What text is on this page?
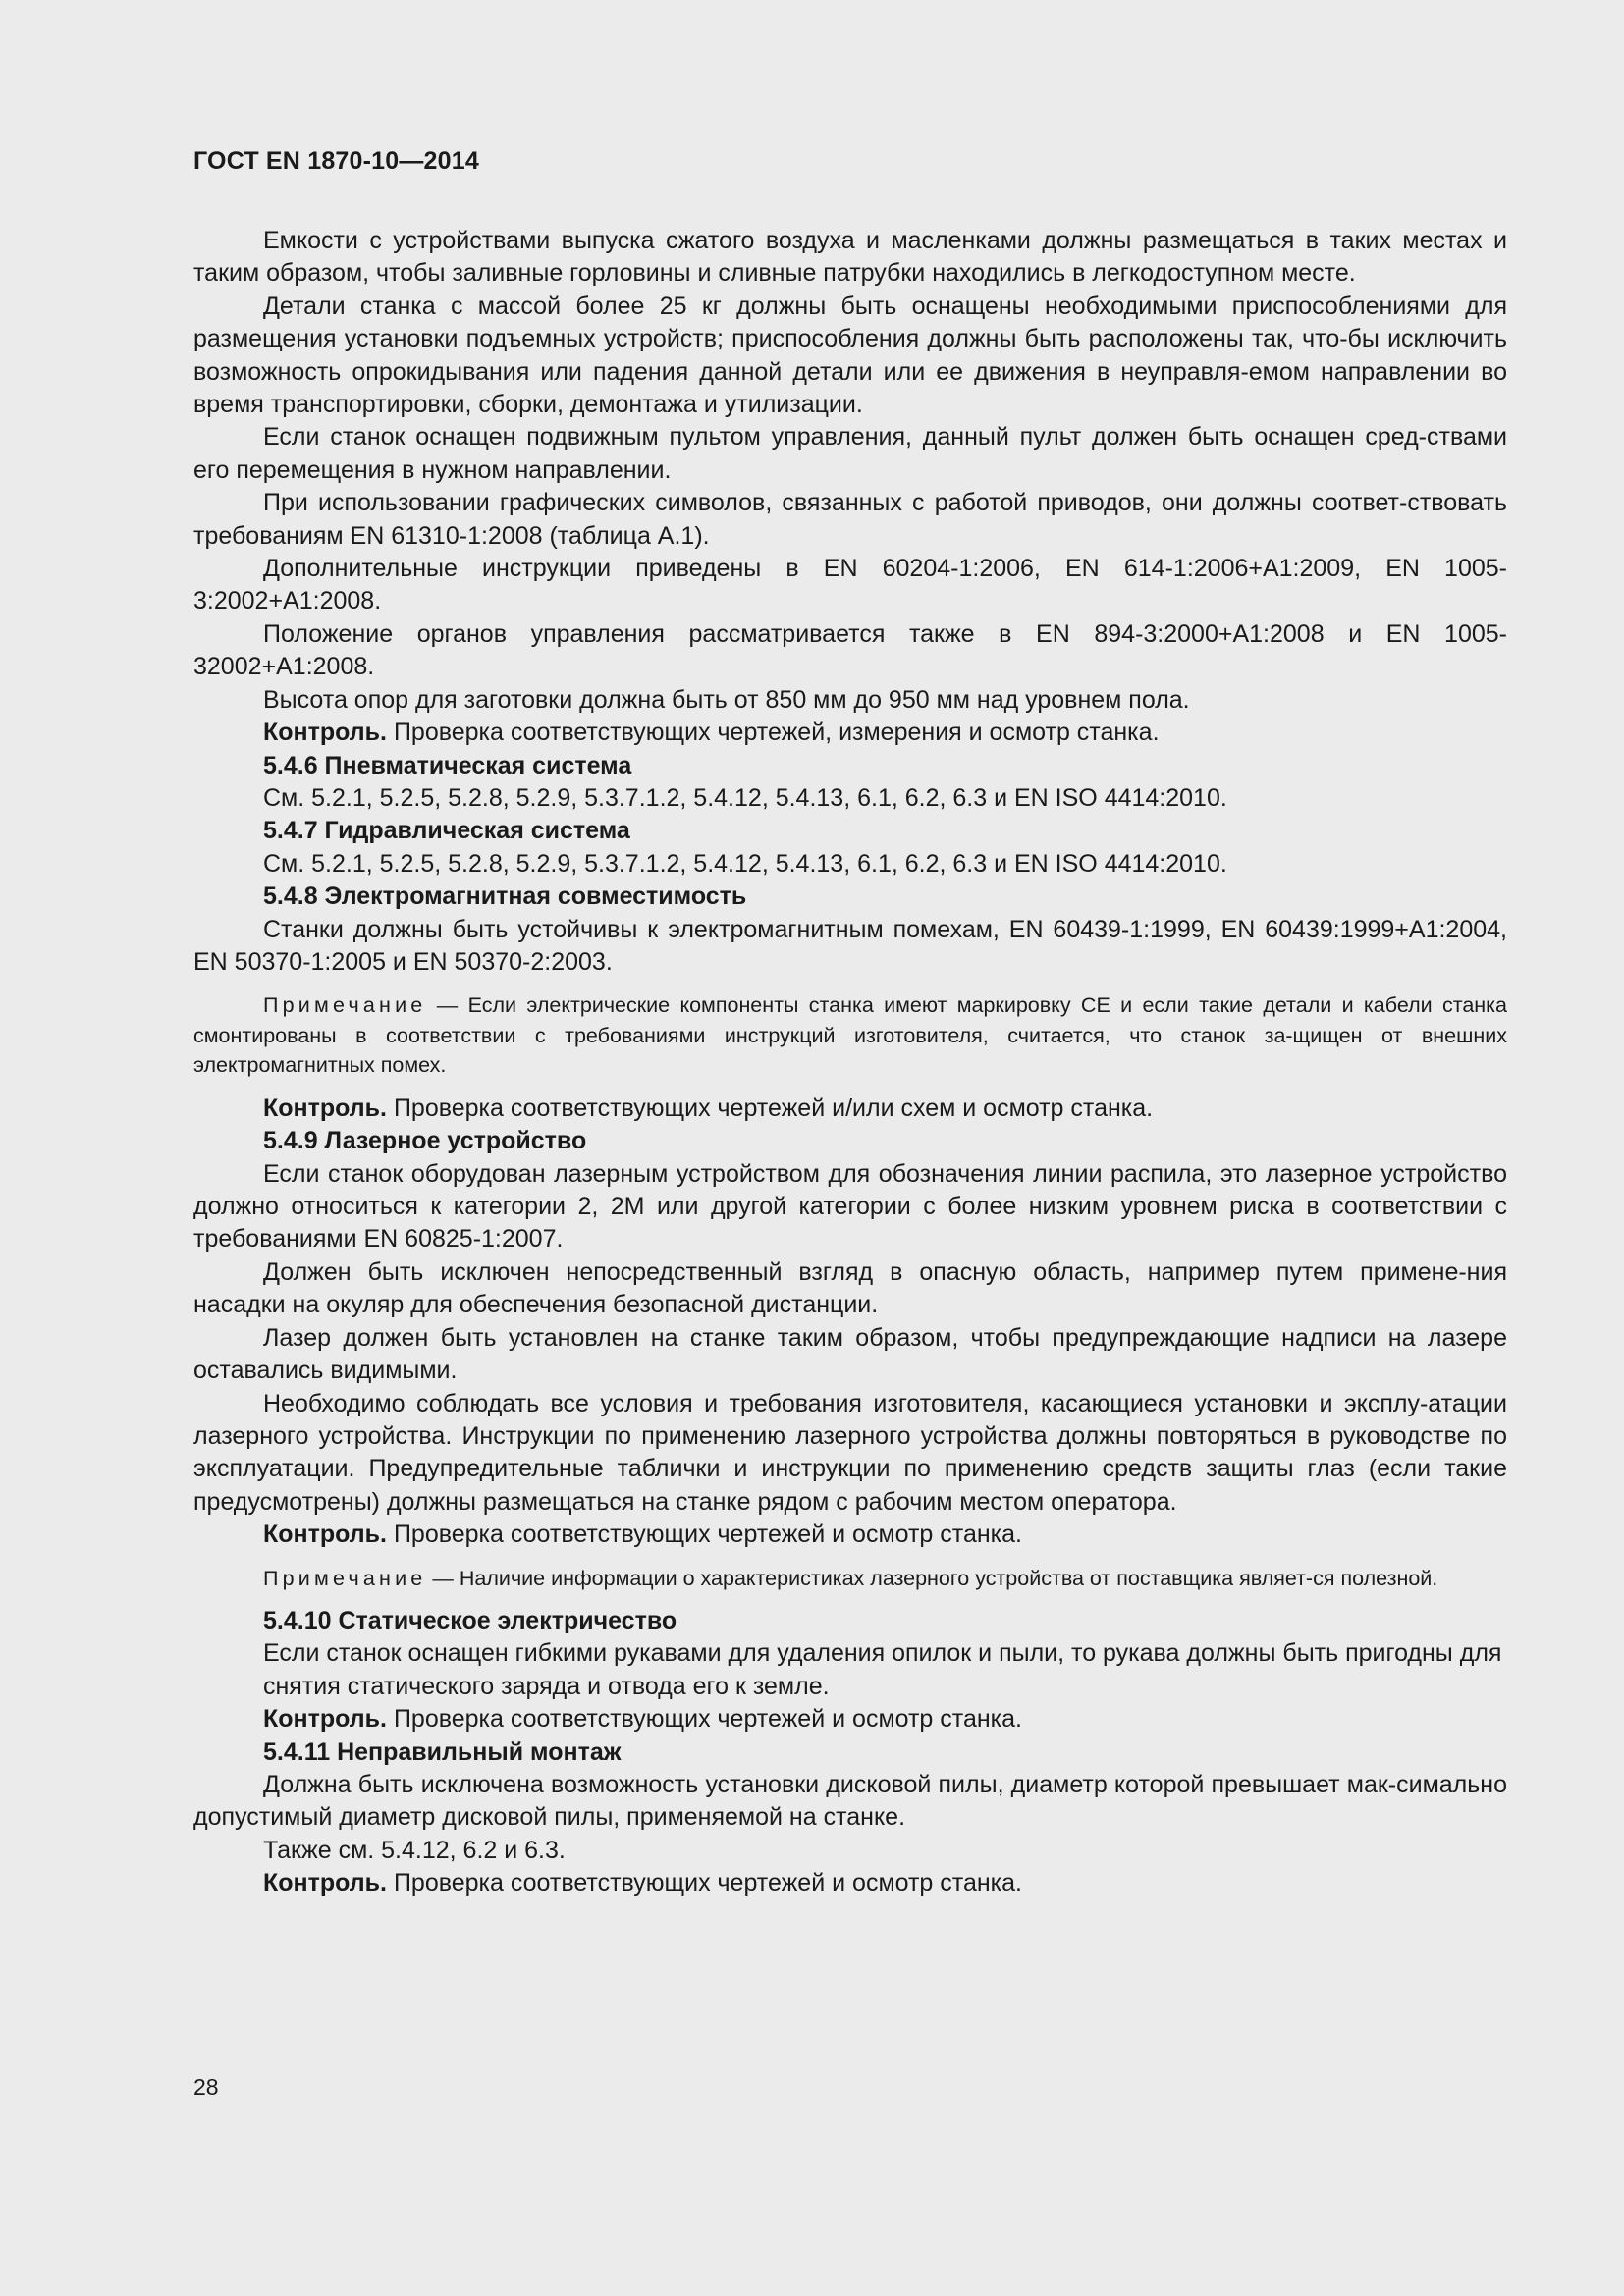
ГОСТ EN 1870-10—2014

Емкости с устройствами выпуска сжатого воздуха и масленками должны размещаться в таких местах и таким образом, чтобы заливные горловины и сливные патрубки находились в легкодоступном месте.

Детали станка с массой более 25 кг должны быть оснащены необходимыми приспособлениями для размещения установки подъемных устройств; приспособления должны быть расположены так, что-бы исключить возможность опрокидывания или падения данной детали или ее движения в неуправля-емом направлении во время транспортировки, сборки, демонтажа и утилизации.

Если станок оснащен подвижным пультом управления, данный пульт должен быть оснащен сред-ствами его перемещения в нужном направлении.

При использовании графических символов, связанных с работой приводов, они должны соответ-ствовать требованиям EN 61310-1:2008 (таблица А.1).

Дополнительные инструкции приведены в EN 60204-1:2006, EN 614-1:2006+A1:2009, EN 1005-3:2002+A1:2008.

Положение органов управления рассматривается также в EN 894-3:2000+A1:2008 и EN 1005-32002+A1:2008.

Высота опор для заготовки должна быть от 850 мм до 950 мм над уровнем пола.

Контроль. Проверка соответствующих чертежей, измерения и осмотр станка.

5.4.6 Пневматическая система

См. 5.2.1, 5.2.5, 5.2.8, 5.2.9, 5.3.7.1.2, 5.4.12, 5.4.13, 6.1, 6.2, 6.3 и EN ISO 4414:2010.

5.4.7 Гидравлическая система

См. 5.2.1, 5.2.5, 5.2.8, 5.2.9, 5.3.7.1.2, 5.4.12, 5.4.13, 6.1, 6.2, 6.3 и EN ISO 4414:2010.

5.4.8 Электромагнитная совместимость

Станки должны быть устойчивы к электромагнитным помехам, EN 60439-1:1999, EN 60439:1999+A1:2004, EN 50370-1:2005 и EN 50370-2:2003.

Примечание — Если электрические компоненты станка имеют маркировку СЕ и если такие детали и кабели станка смонтированы в соответствии с требованиями инструкций изготовителя, считается, что станок за-щищен от внешних электромагнитных помех.

Контроль. Проверка соответствующих чертежей и/или схем и осмотр станка.

5.4.9 Лазерное устройство

Если станок оборудован лазерным устройством для обозначения линии распила, это лазерное устройство должно относиться к категории 2, 2М или другой категории с более низким уровнем риска в соответствии с требованиями EN 60825-1:2007.

Должен быть исключен непосредственный взгляд в опасную область, например путем примене-ния насадки на окуляр для обеспечения безопасной дистанции.

Лазер должен быть установлен на станке таким образом, чтобы предупреждающие надписи на лазере оставались видимыми.

Необходимо соблюдать все условия и требования изготовителя, касающиеся установки и эксплу-атации лазерного устройства. Инструкции по применению лазерного устройства должны повторяться в руководстве по эксплуатации. Предупредительные таблички и инструкции по применению средств защиты глаз (если такие предусмотрены) должны размещаться на станке рядом с рабочим местом оператора.

Контроль. Проверка соответствующих чертежей и осмотр станка.

Примечание — Наличие информации о характеристиках лазерного устройства от поставщика являет-ся полезной.

5.4.10 Статическое электричество

Если станок оснащен гибкими рукавами для удаления опилок и пыли, то рукава должны быть пригодны для снятия статического заряда и отвода его к земле.

Контроль. Проверка соответствующих чертежей и осмотр станка.

5.4.11 Неправильный монтаж

Должна быть исключена возможность установки дисковой пилы, диаметр которой превышает мак-симально допустимый диаметр дисковой пилы, применяемой на станке.

Также см. 5.4.12, 6.2 и 6.3.

Контроль. Проверка соответствующих чертежей и осмотр станка.

28
